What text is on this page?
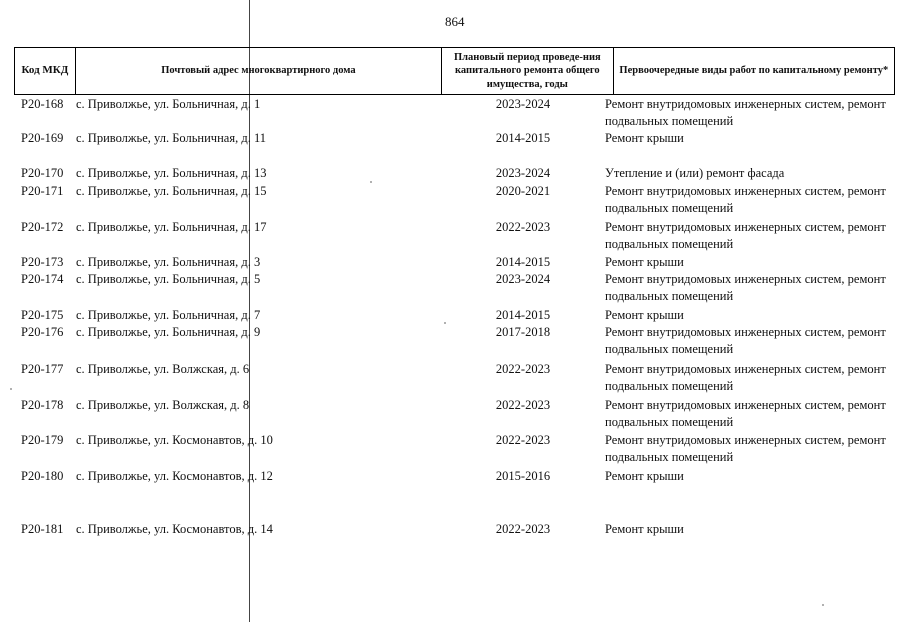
864
Код МКД	Почтовый адрес многоквартирного дома
Плановый период проведе-ния капитального ремонта общего имущества, годы
Первоочередные виды работ по капитальному ремонту*
Р20-168 с. Приволжье, ул. Больничная, д. 1	2023-2024	Ремонт внутридомовых инженерных систем, ремонт подвальных помещений
Р20-169 с. Приволжье, ул. Больничная, д. 11	2014-2015	Ремонт крыши
Р20-170 с. Приволжье, ул. Больничная, д. 13	2023-2024	Утепление и (или) ремонт фасада
Р20-171 с. Приволжье, ул. Больничная, д. 15	2020-2021	Ремонт внутридомовых инженерных систем, ремонт подвальных помещений
Р20-172 с. Приволжье, ул. Больничная, д. 17	2022-2023	Ремонт внутридомовых инженерных систем, ремонт подвальных помещений
Р20-173 с. Приволжье, ул. Больничная, д. 3	2014-2015	Ремонт крыши
Р20-174 с. Приволжье, ул. Больничная, д. 5	2023-2024	Ремонт внутридомовых инженерных систем, ремонт подвальных помещений
Р20-175 с. Приволжье, ул. Больничная, д. 7	2014-2015	Ремонт крыши
Р20-176 с. Приволжье, ул. Больничная, д. 9	2017-2018	Ремонт внутридомовых инженерных систем, ремонт подвальных помещений
Р20-177 с. Приволжье, ул. Волжская, д. 6	2022-2023	Ремонт внутридомовых инженерных систем, ремонт подвальных помещений
Р20-178 с. Приволжье, ул. Волжская, д. 8	2022-2023	Ремонт внутридомовых инженерных систем, ремонт подвальных помещений
Р20-179 с. Приволжье, ул. Космонавтов, д. 10	2022-2023	Ремонт внутридомовых инженерных систем, ремонт подвальных помещений
Р20-180 с. Приволжье, ул. Космонавтов, д. 12	2015-2016	Ремонт крыши
Р20-181 с. Приволжье, ул. Космонавтов, д. 14	2022-2023	Ремонт крыши
